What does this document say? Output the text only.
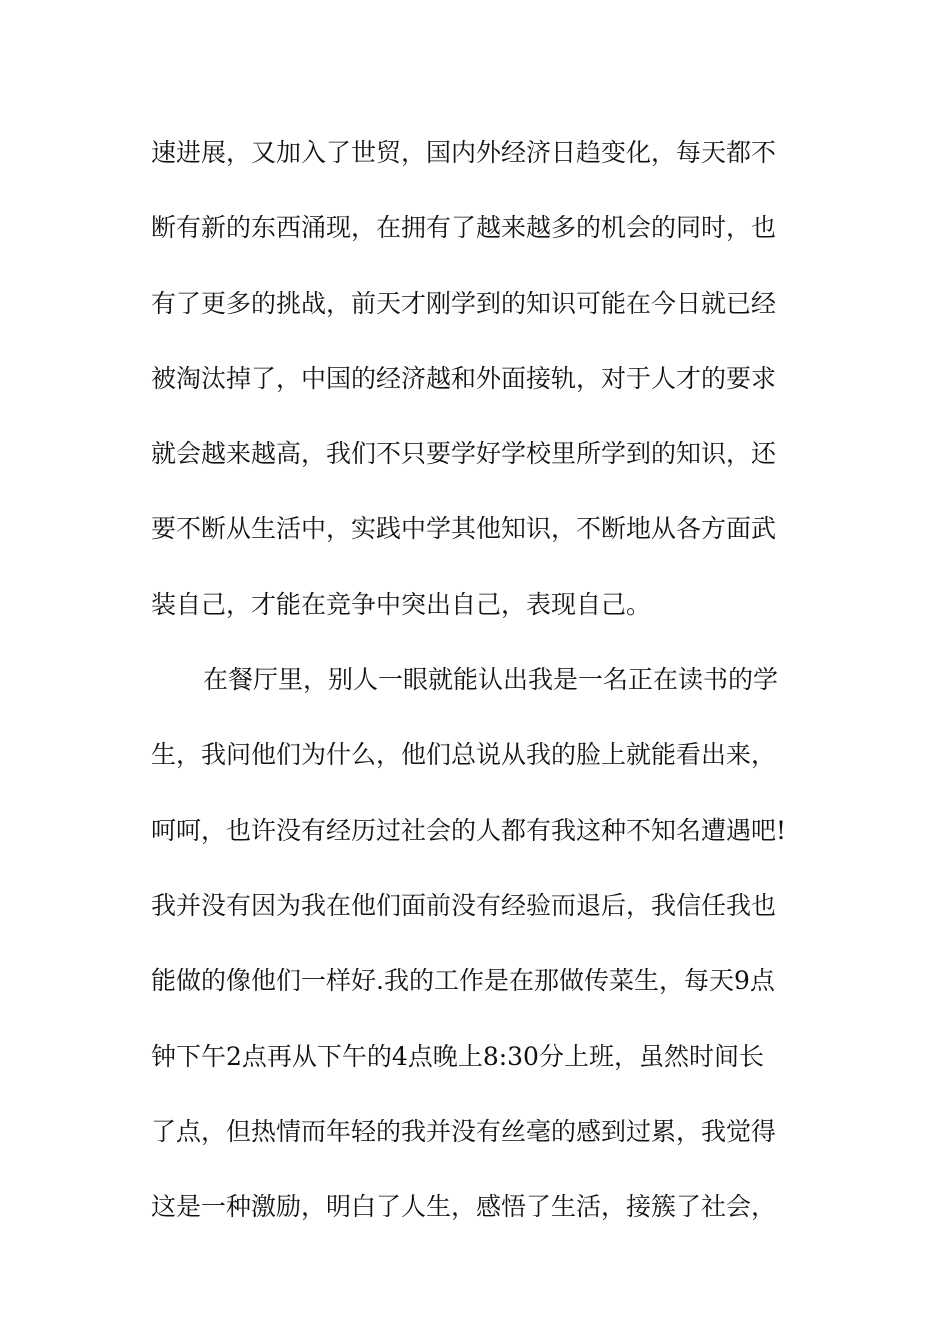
速进展，又加入了世贸，国内外经济日趋变化，每天都不
断有新的东西涌现，在拥有了越来越多的机会的同时，也
有了更多的挑战，前天才刚学到的知识可能在今日就已经
被淘汰掉了，中国的经济越和外面接轨，对于人才的要求
就会越来越高，我们不只要学好学校里所学到的知识，还
要不断从生活中，实践中学其他知识，不断地从各方面武
装自己，才能在竞争中突出自己，表现自己。
在餐厅里，别人一眼就能认出我是一名正在读书的学
生，我问他们为什么，他们总说从我的脸上就能看出来，
呵呵，也许没有经历过社会的人都有我这种不知名遭遇吧!
我并没有因为我在他们面前没有经验而退后，我信任我也
能做的像他们一样好.我的工作是在那做传菜生，每天9点
钟下午2点再从下午的4点晚上8:30分上班，虽然时间长
了点，但热情而年轻的我并没有丝毫的感到过累，我觉得
这是一种激励，明白了人生，感悟了生活，接簇了社会，
